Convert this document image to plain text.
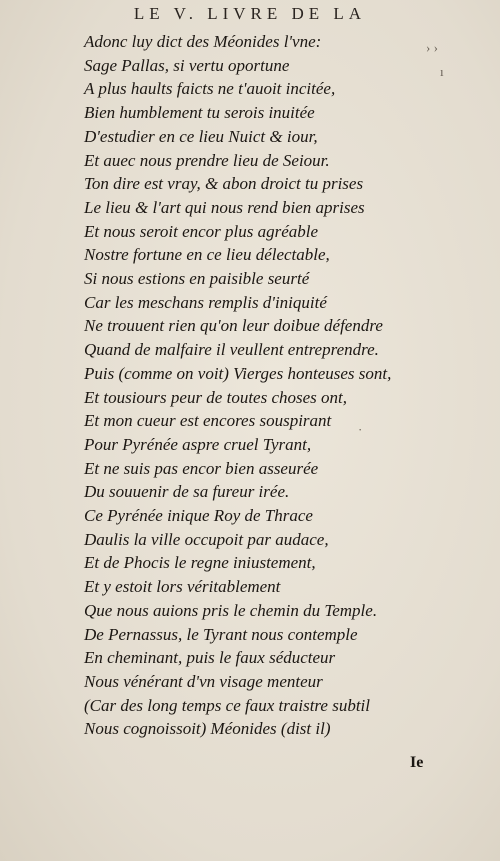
LE V. LIVRE DE LA
Adonc luy dict des Méonides l'vne:
Sage Pallas, si vertu oportune
A plus haults faicts ne t'auoit incitée,
Bien humblement tu serois inuitée
D'estudier en ce lieu Nuict & iour,
Et auec nous prendre lieu de Seiour.
Ton dire est vray, & abon droict tu prises
Le lieu & l'art qui nous rend bien aprises
Et nous seroit encor plus agréable
Nostre fortune en ce lieu délectable,
Si nous estions en paisible seurté
Car les meschans remplis d'iniquité
Ne trouuent rien qu'on leur doibue défendre
Quand de malfaire il veullent entreprendre.
Puis (comme on voit) Vierges honteuses sont,
Et tousiours peur de toutes choses ont,
Et mon cueur est encores souspirant
Pour Pyrénée aspre cruel Tyrant,
Et ne suis pas encor bien asseurée
Du souuenir de sa fureur irée.
Ce Pyrénée inique Roy de Thrace
Daulis la ville occupoit par audace,
Et de Phocis le regne iniustement,
Et y estoit lors véritablement
Que nous auions pris le chemin du Temple.
De Pernassus, le Tyrant nous contemple
En cheminant, puis le faux séducteur
Nous vénérant d'vn visage menteur
(Car des long temps ce faux traistre subtil
Nous cognoissoit) Méonides (dist il)
› ›
ı
·
Ie
